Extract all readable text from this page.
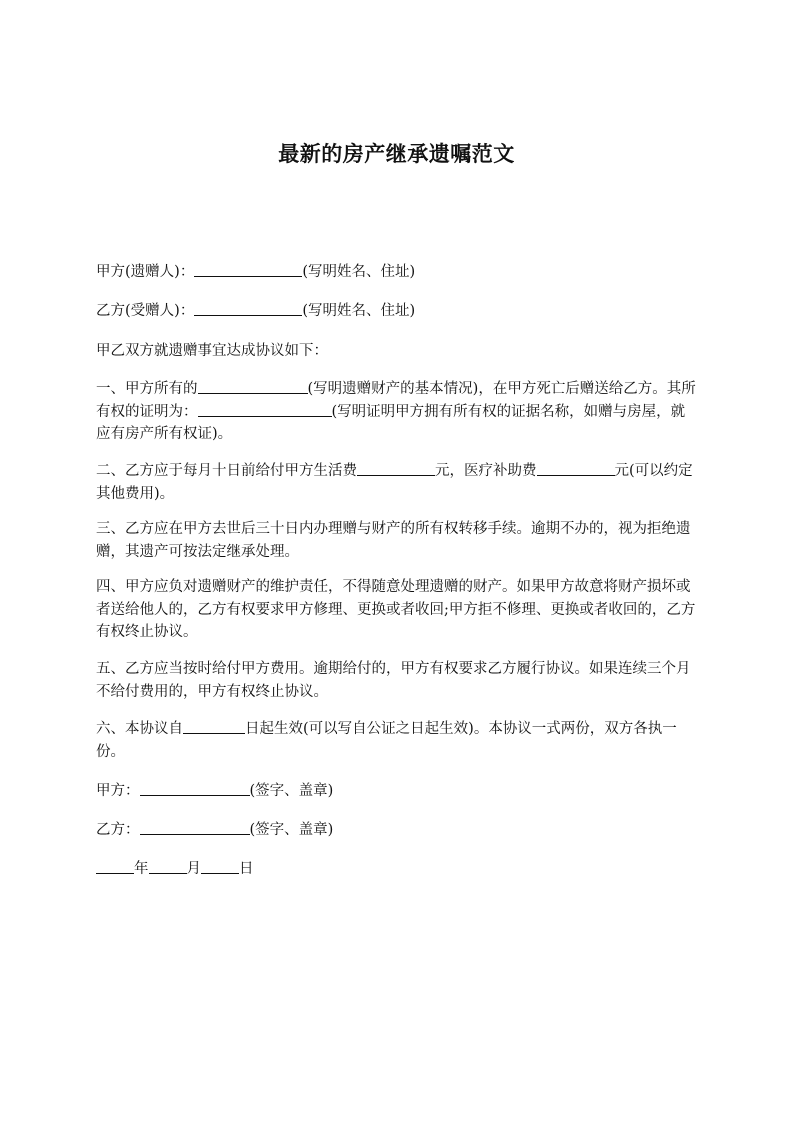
最新的房产继承遗嘱范文

甲方(遗赠人)：	(写明姓名、住址)

乙方(受赠人)：	(写明姓名、住址)

甲乙双方就遗赠事宜达成协议如下：

一、甲方所有的	(写明遗赠财产的基本情况)，在甲方死亡后赠送给乙方。其所有权的证明为：	(写明证明甲方拥有所有权的证据名称，如赠与房屋，就应有房产所有权证)。

二、乙方应于每月十日前给付甲方生活费	元，医疗补助费	元(可以约定其他费用)。

三、乙方应在甲方去世后三十日内办理赠与财产的所有权转移手续。逾期不办的，视为拒绝遗赠，其遗产可按法定继承处理。

四、甲方应负对遗赠财产的维护责任，不得随意处理遗赠的财产。如果甲方故意将财产损坏或者送给他人的，乙方有权要求甲方修理、更换或者收回;甲方拒不修理、更换或者收回的，乙方有权终止协议。

五、乙方应当按时给付甲方费用。逾期给付的，甲方有权要求乙方履行协议。如果连续三个月不给付费用的，甲方有权终止协议。

六、本协议自	日起生效(可以写自公证之日起生效)。本协议一式两份，双方各执一份。

甲方：	(签字、盖章)

乙方：	(签字、盖章)

年	月	日
